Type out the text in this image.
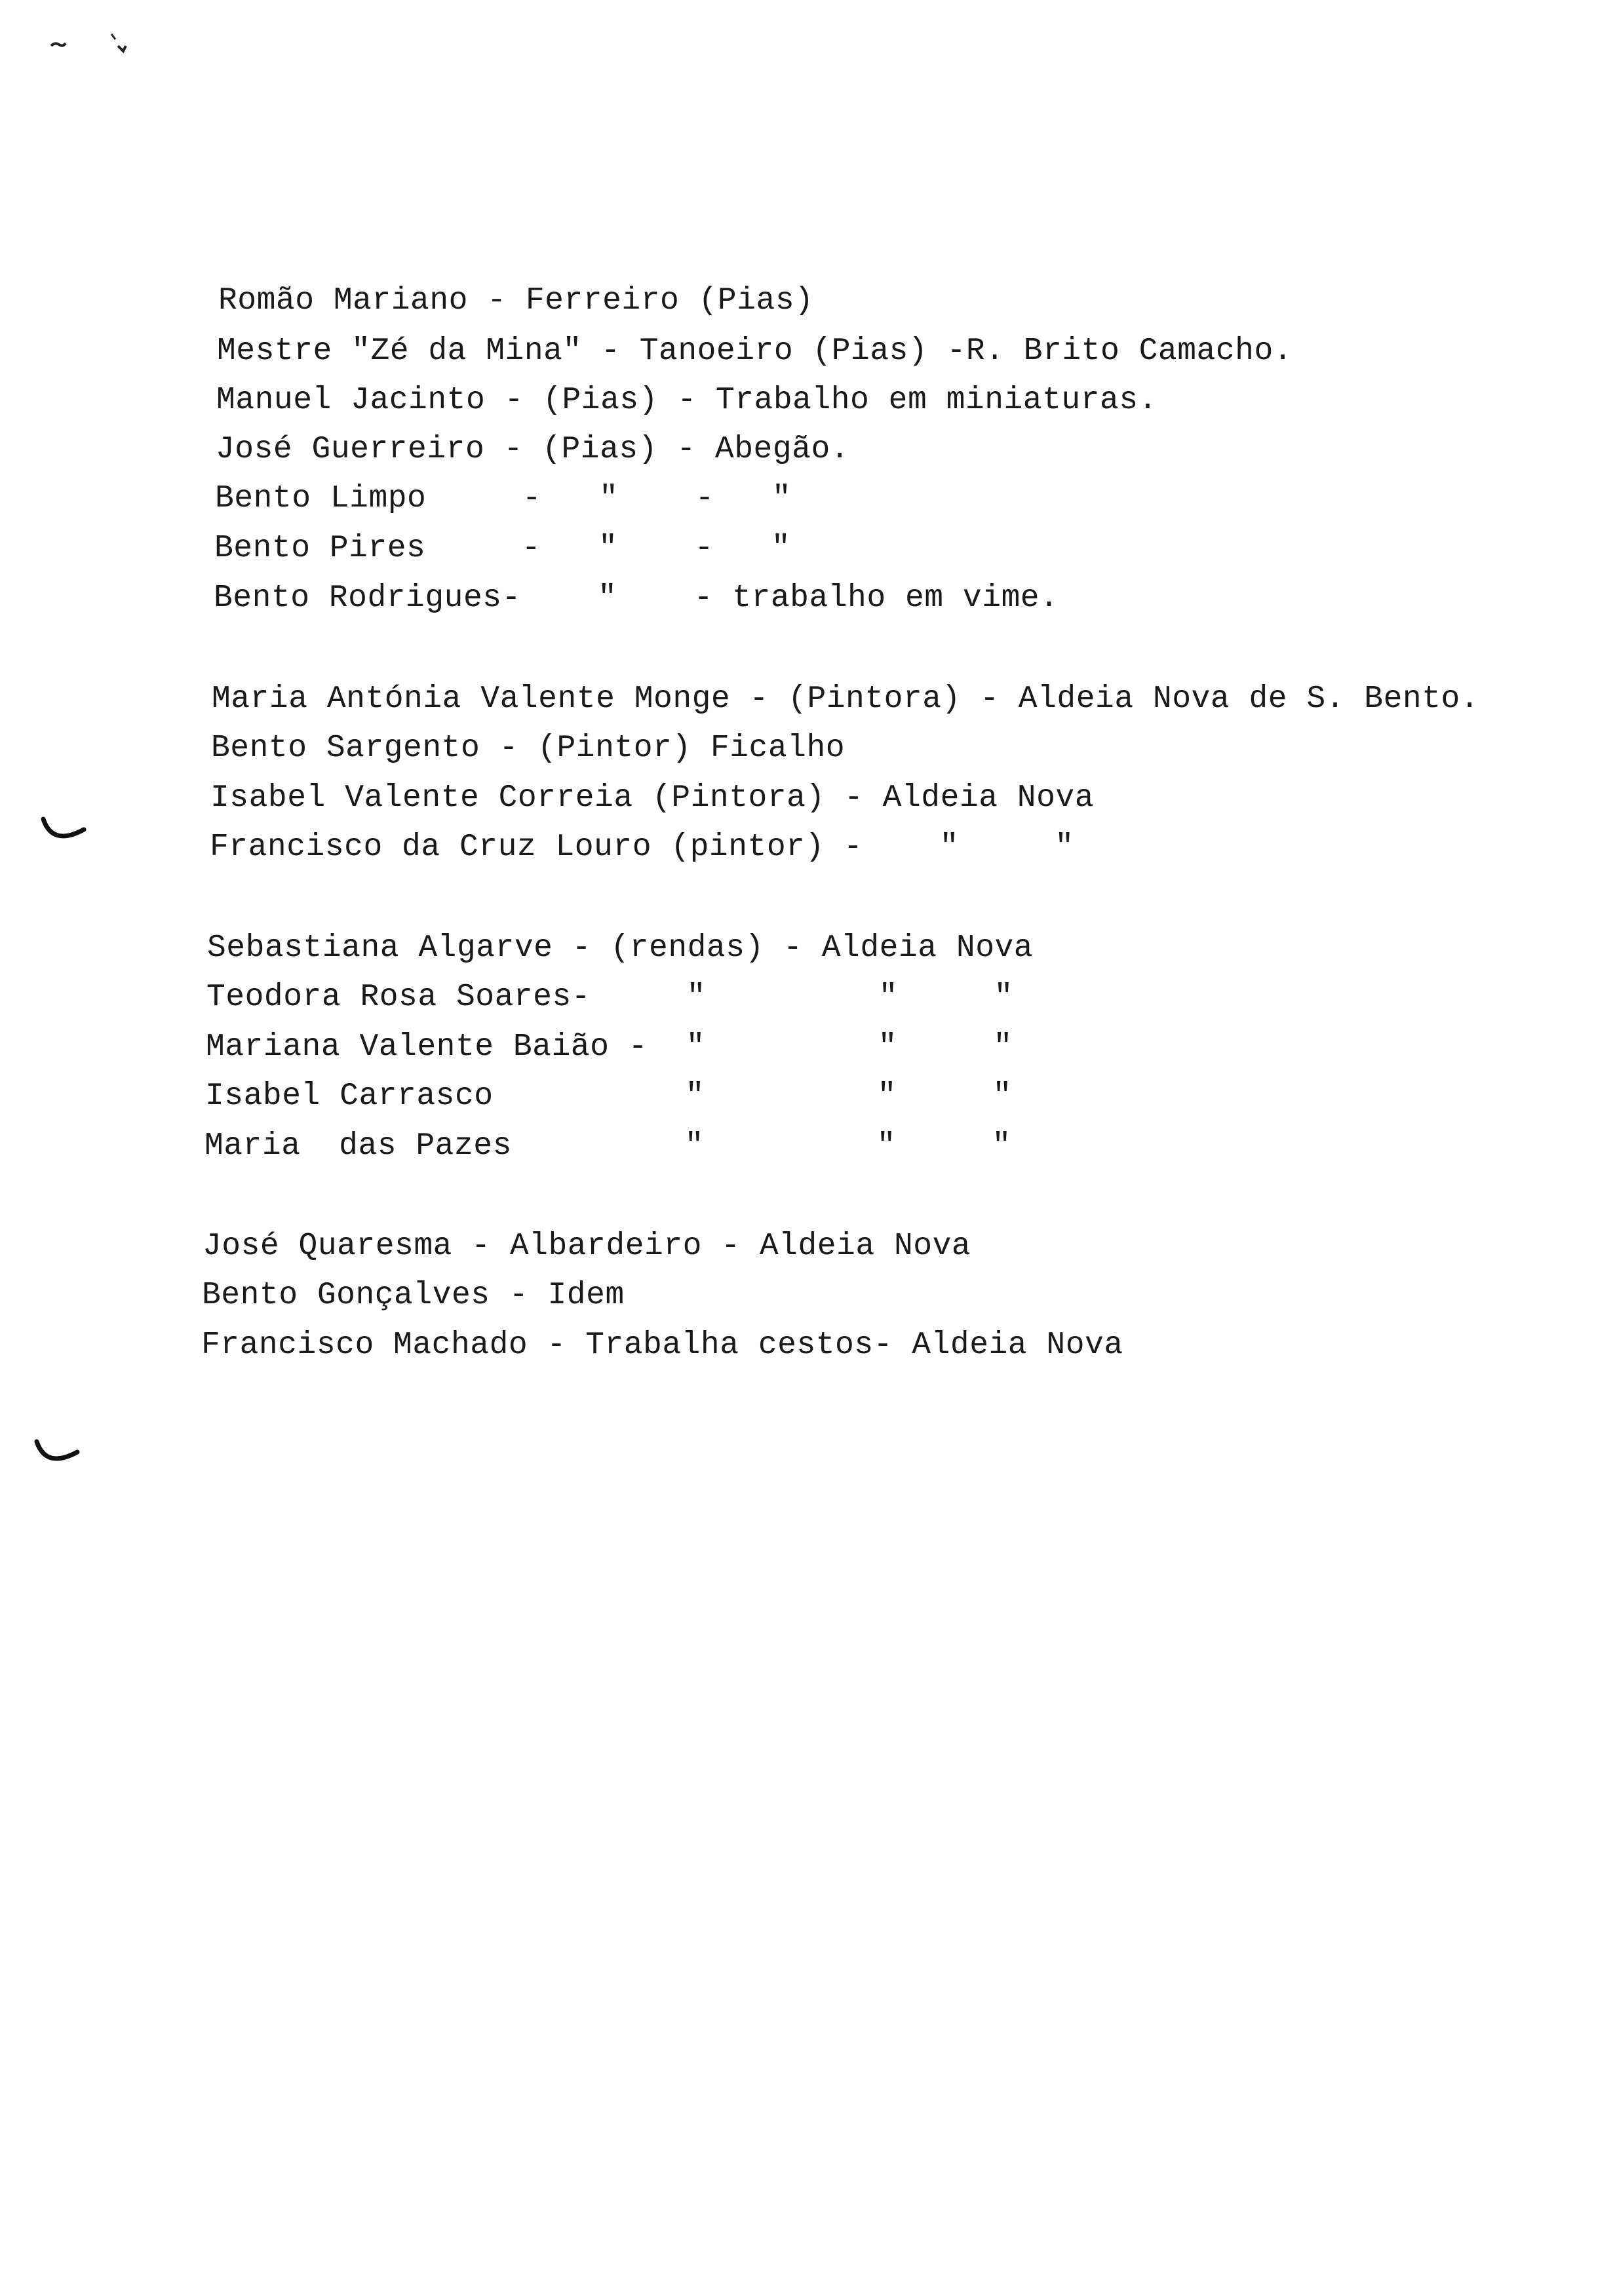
Romão Mariano - Ferreiro (Pias)
Mestre "Zé da Mina" - Tanoeiro (Pias) -R. Brito Camacho.
Manuel Jacinto - (Pias) - Trabalho em miniaturas.
José Guerreiro - (Pias) - Abegão.
Bento Limpo     -   "    -   "
Bento Pires     -   "    -   "
Bento Rodrigues-    "    - trabalho em vime.
Maria Antónia Valente Monge - (Pintora) - Aldeia Nova de S. Bento.
Bento Sargento - (Pintor) Ficalho
Isabel Valente Correia (Pintora) - Aldeia Nova
Francisco da Cruz Louro (pintor) -    "     "
Sebastiana Algarve - (rendas) - Aldeia Nova
Teodora Rosa Soares-     "         "     "
Mariana Valente Baião -  "         "     "
Isabel Carrasco          "         "     "
Maria  das Pazes         "         "     "
José Quaresma - Albardeiro - Aldeia Nova
Bento Gonçalves - Idem
Francisco Machado - Trabalha cestos- Aldeia Nova
